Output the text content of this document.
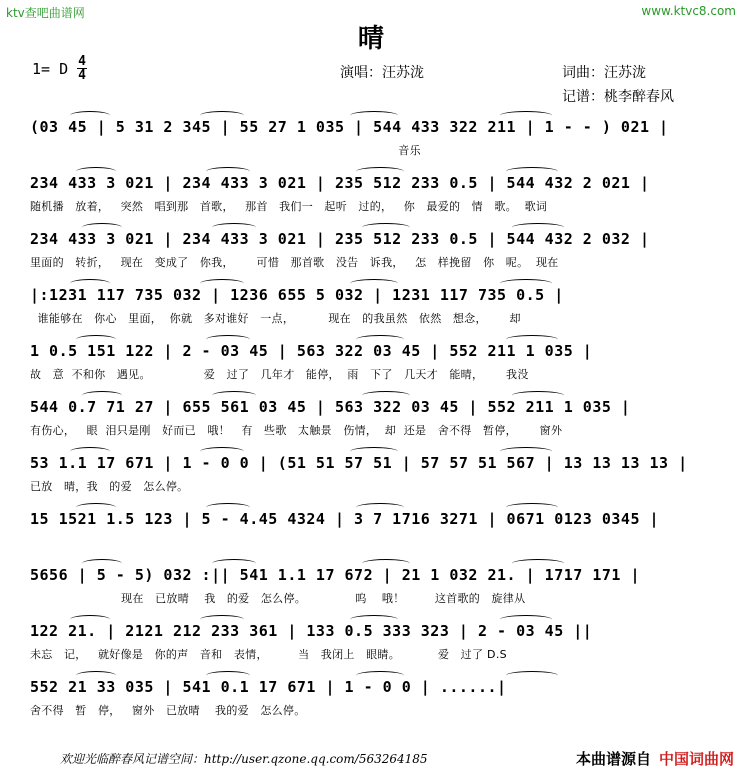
ktv查吧曲谱网	www.ktvc8.com
晴
1= D 4
4	演唱：汪苏泷	词曲：汪苏泷
记谱：桃李醉春风
(03 45 | 5 31 2 345 | 55 27 1 035 | 544 433 322 211 | 1 - - ) 021 |
音乐
234 433 3 021 | 234 433 3 021 | 235 512 233 0.5 | 544 432 2 021 |
随机播   放着，   突然   唱到那   首歌，   那首   我们一   起听   过的，   你   最爱的   情   歌。  歌词
234 433 3 021 | 234 433 3 021 | 235 512 233 0.5 | 544 432 2 032 |
里面的   转折，   现在   变成了   你我，      可惜   那首歌   没告   诉我，   怎   样挽留   你   呢。  现在
|:1231 117 735 032 | 1236 655 5 032 | 1231 117 735 0.5 |
谁能够在   你心   里面，  你就   多对谁好   一点，         现在   的我虽然   依然   想念，      却
1 0.5 151 122 | 2 - 03 45 | 563 322 03 45 | 552 211 1 035 |
故   意  不和你   遇见。              爱   过了   几年才   能停，  雨   下了   几天才   能晴，      我没
544 0.7 71 27 | 655 561 03 45 | 563 322 03 45 | 552 211 1 035 |
有伤心，   眼  泪只是刚   好而已   哦！   有   些歌   太触景   伤情，  却  还是   舍不得   暂停，      窗外
53 1.1 17 671 | 1 - 0 0 | (51 51 57 51 | 57 57 51 567 | 13 13 13 13 |
已放   晴，我   的爱   怎么停。
15 1521 1.5 123 | 5 - 4.45 4324 | 3 7 1716 3271 | 0671 0123 0345 |
5656 | 5 - 5) 032 :|| 541 1.1 17 672 | 21 1 032 21. | 1717 171 |
现在   已放晴    我   的爱   怎么停。             呜    哦！        这首歌的   旋律从
122 21. | 2121 212 233 361 | 133 0.5 333 323 | 2 - 03 45 ||
未忘   记，   就好像是   你的声   音和   表情，        当   我闭上   眼睛。          爱   过了 D.S
552 21 33 035 | 541 0.1 17 671 | 1 - 0 0 | ......|
舍不得   暂   停，   窗外   已放晴    我的爱   怎么停。
欢迎光临醉春风记谱空间：http://user.qzone.qq.com/563264185	本曲谱源自 中国词曲网
